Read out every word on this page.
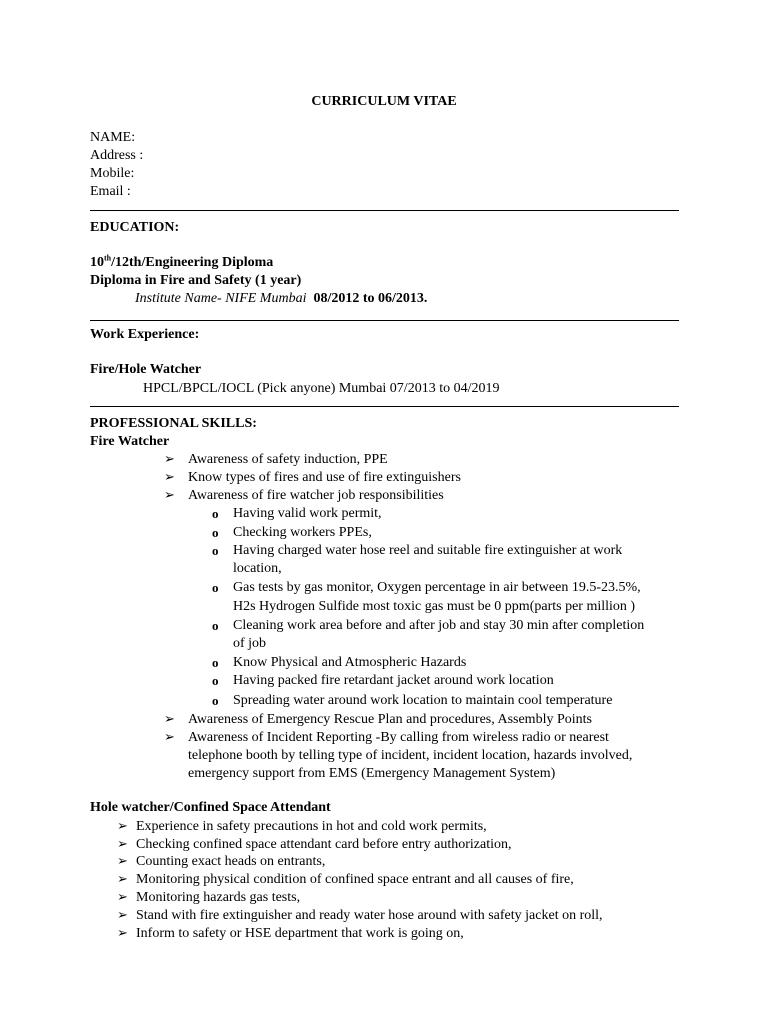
CURRICULUM VITAE
NAME:
Address :
Mobile:
Email :
EDUCATION:
10th/12th/Engineering Diploma
Diploma in Fire and Safety (1 year)
Institute Name- NIFE Mumbai 08/2012 to 06/2013.
Work Experience:
Fire/Hole Watcher
HPCL/BPCL/IOCL (Pick anyone) Mumbai 07/2013 to 04/2019
PROFESSIONAL SKILLS:
Fire Watcher
➢ Awareness of safety induction, PPE
➢ Know types of fires and use of fire extinguishers
➢ Awareness of fire watcher job responsibilities
o Having valid work permit,
o Checking workers PPEs,
o Having charged water hose reel and suitable fire extinguisher at work
location,
o Gas tests by gas monitor, Oxygen percentage in air between 19.5-23.5%,
H2s Hydrogen Sulfide most toxic gas must be 0 ppm(parts per million )
o Cleaning work area before and after job and stay 30 min after completion
of job
o Know Physical and Atmospheric Hazards
o Having packed fire retardant jacket around work location
o Spreading water around work location to maintain cool temperature
➢ Awareness of Emergency Rescue Plan and procedures, Assembly Points
➢ Awareness of Incident Reporting -By calling from wireless radio or nearest
telephone booth by telling type of incident, incident location, hazards involved,
emergency support from EMS (Emergency Management System)
Hole watcher/Confined Space Attendant
➢ Experience in safety precautions in hot and cold work permits,
➢ Checking confined space attendant card before entry authorization,
➢ Counting exact heads on entrants,
➢ Monitoring physical condition of confined space entrant and all causes of fire,
➢ Monitoring hazards gas tests,
➢ Stand with fire extinguisher and ready water hose around with safety jacket on roll,
➢ Inform to safety or HSE department that work is going on,
